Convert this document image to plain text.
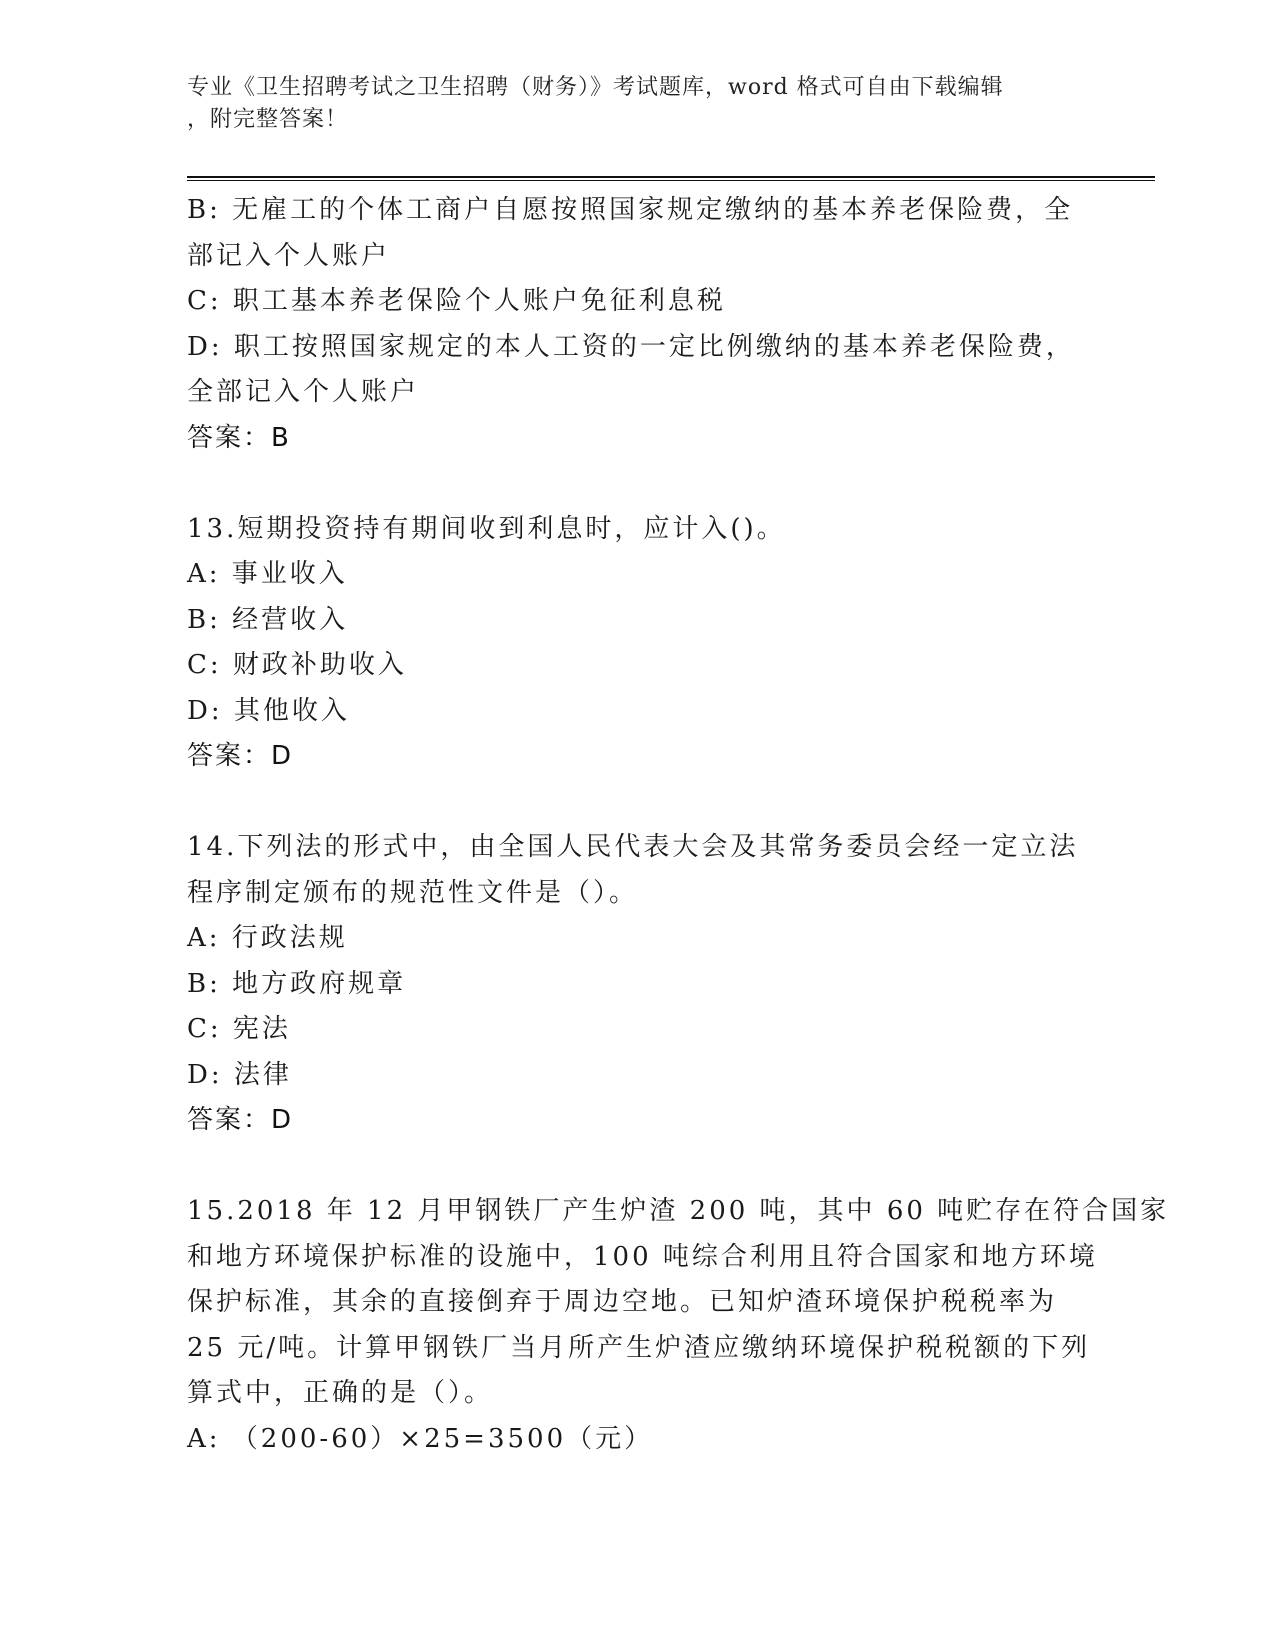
专业《卫生招聘考试之卫生招聘（财务）》考试题库，word 格式可自由下载编辑
，附完整答案！
B: 无雇工的个体工商户自愿按照国家规定缴纳的基本养老保险费，全
部记入个人账户
C: 职工基本养老保险个人账户免征利息税
D: 职工按照国家规定的本人工资的一定比例缴纳的基本养老保险费，
全部记入个人账户
答案：B
13.短期投资持有期间收到利息时，应计入()。
A: 事业收入
B: 经营收入
C: 财政补助收入
D: 其他收入
答案：D
14.下列法的形式中，由全国人民代表大会及其常务委员会经一定立法
程序制定颁布的规范性文件是（）。
A: 行政法规
B: 地方政府规章
C: 宪法
D: 法律
答案：D
15.2018 年 12 月甲钢铁厂产生炉渣 200 吨，其中 60 吨贮存在符合国家
和地方环境保护标准的设施中，100 吨综合利用且符合国家和地方环境
保护标准，其余的直接倒弃于周边空地。已知炉渣环境保护税税率为
25 元/吨。计算甲钢铁厂当月所产生炉渣应缴纳环境保护税税额的下列
算式中，正确的是（）。
A: （200-60）×25=3500（元）
